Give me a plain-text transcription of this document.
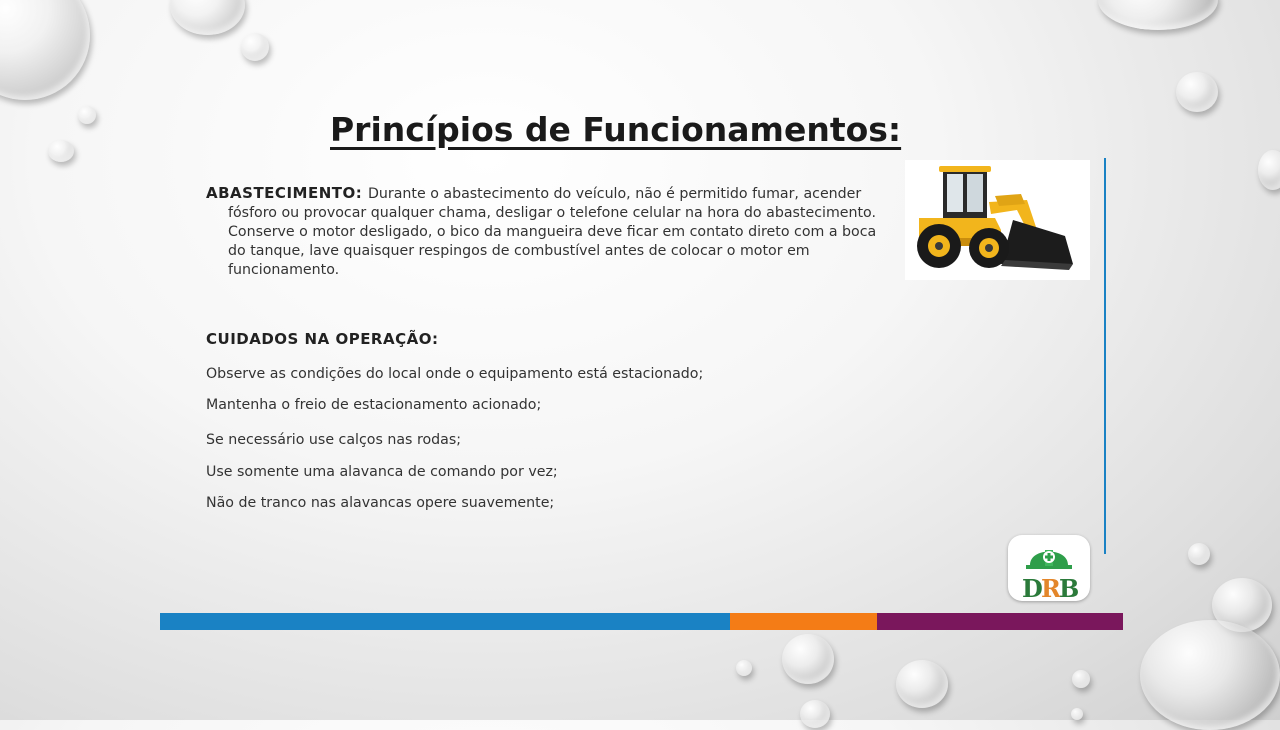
Princípios de Funcionamentos:

ABASTECIMENTO: Durante o abastecimento do veículo, não é permitido fumar, acender fósforo ou provocar qualquer chama, desligar o telefone celular na hora do abastecimento. Conserve o motor desligado, o bico da mangueira deve ficar em contato direto com a boca do tanque, lave quaisquer respingos de combustível antes de colocar o motor em funcionamento.

CUIDADOS NA OPERAÇÃO:

Observe as condições do local onde o equipamento está estacionado;

Mantenha o freio de estacionamento acionado;

Se necessário use calços nas rodas;

Use somente uma alavanca de comando por vez;

Não de tranco nas alavancas opere suavemente;

D
R
B
